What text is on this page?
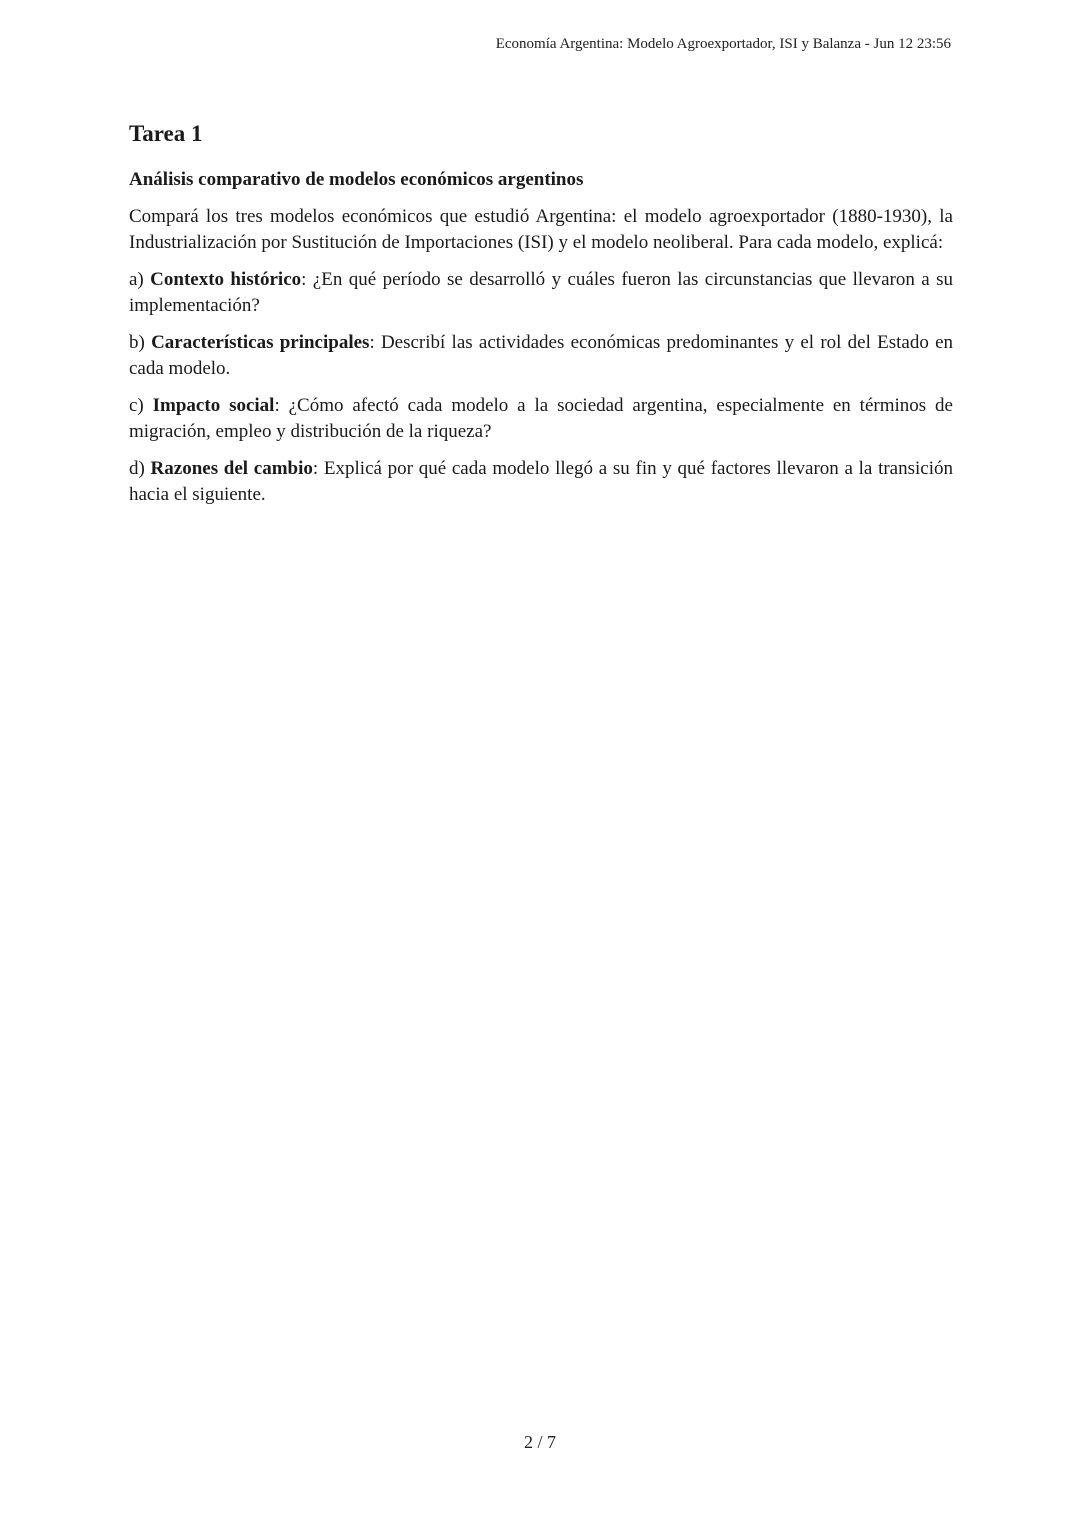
Economía Argentina: Modelo Agroexportador, ISI y Balanza - Jun 12 23:56
Tarea 1
Análisis comparativo de modelos económicos argentinos

Compará los tres modelos económicos que estudió Argentina: el modelo agroexportador (1880-1930), la Industrialización por Sustitución de Importaciones (ISI) y el modelo neoliberal. Para cada modelo, explicá:

a) Contexto histórico: ¿En qué período se desarrolló y cuáles fueron las circunstancias que llevaron a su implementación?

b) Características principales: Describí las actividades económicas predominantes y el rol del Estado en cada modelo.

c) Impacto social: ¿Cómo afectó cada modelo a la sociedad argentina, especialmente en términos de migración, empleo y distribución de la riqueza?

d) Razones del cambio: Explicá por qué cada modelo llegó a su fin y qué factores llevaron a la transición hacia el siguiente.

2 / 7
